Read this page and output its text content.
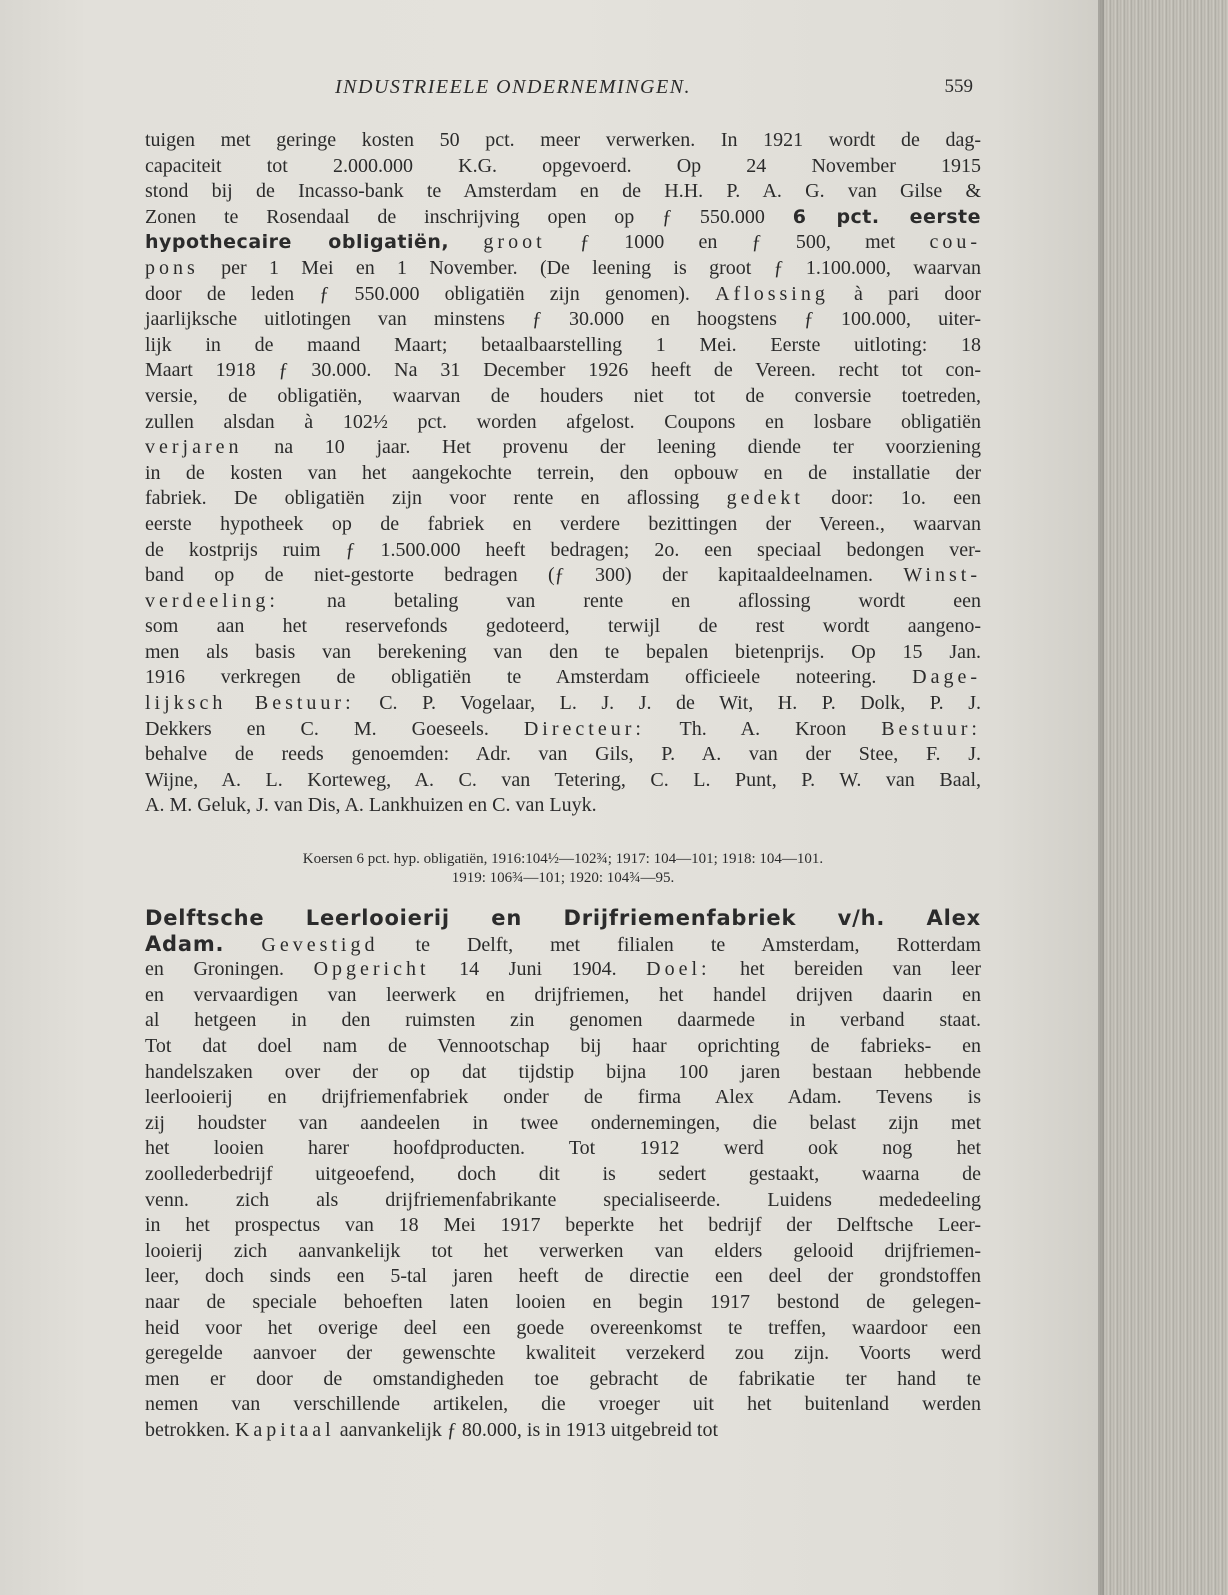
INDUSTRIEELE ONDERNEMINGEN.	559
tuigen met geringe kosten 50 pct. meer verwerken. In 1921 wordt de dag-
capaciteit tot 2.000.000 K.G. opgevoerd. Op 24 November 1915
stond bij de Incasso-bank te Amsterdam en de H.H. P. A. G. van Gilse &
Zonen te Rosendaal de inschrijving open op ƒ 550.000 6 pct. eerste
hypothecaire obligatiën, groot ƒ 1000 en ƒ 500, met cou-
pons per 1 Mei en 1 November. (De leening is groot ƒ 1.100.000, waarvan
door de leden ƒ 550.000 obligatiën zijn genomen). Aflossing à pari door
jaarlijksche uitlotingen van minstens ƒ 30.000 en hoogstens ƒ 100.000, uiter-
lijk in de maand Maart; betaalbaarstelling 1 Mei. Eerste uitloting: 18
Maart 1918 ƒ 30.000. Na 31 December 1926 heeft de Vereen. recht tot con-
versie, de obligatiën, waarvan de houders niet tot de conversie toetreden,
zullen alsdan à 102½ pct. worden afgelost. Coupons en losbare obligatiën
verjaren na 10 jaar. Het provenu der leening diende ter voorziening
in de kosten van het aangekochte terrein, den opbouw en de installatie der
fabriek. De obligatiën zijn voor rente en aflossing gedekt door: 1o. een
eerste hypotheek op de fabriek en verdere bezittingen der Vereen., waarvan
de kostprijs ruim ƒ 1.500.000 heeft bedragen; 2o. een speciaal bedongen ver-
band op de niet-gestorte bedragen (ƒ 300) der kapitaaldeelnamen. Winst-
verdeeling: na betaling van rente en aflossing wordt een
som aan het reservefonds gedoteerd, terwijl de rest wordt aangeno-
men als basis van berekening van den te bepalen bietenprijs. Op 15 Jan.
1916 verkregen de obligatiën te Amsterdam officieele noteering. Dage-
lijksch Bestuur: C. P. Vogelaar, L. J. J. de Wit, H. P. Dolk, P. J.
Dekkers en C. M. Goeseels. Directeur: Th. A. Kroon Bestuur:
behalve de reeds genoemden: Adr. van Gils, P. A. van der Stee, F. J.
Wijne, A. L. Korteweg, A. C. van Tetering, C. L. Punt, P. W. van Baal,
A. M. Geluk, J. van Dis, A. Lankhuizen en C. van Luyk.
Koersen 6 pct. hyp. obligatiën, 1916:104½—102¾; 1917: 104—101; 1918: 104—101.
1919: 106¾—101; 1920: 104¾—95.
Delftsche Leerlooierij en Drijfriemenfabriek v/h. Alex
Adam. Gevestigd te Delft, met filialen te Amsterdam, Rotterdam
en Groningen. Opgericht 14 Juni 1904. Doel: het bereiden van leer
en vervaardigen van leerwerk en drijfriemen, het handel drijven daarin en
al hetgeen in den ruimsten zin genomen daarmede in verband staat.
Tot dat doel nam de Vennootschap bij haar oprichting de fabrieks- en
handelszaken over der op dat tijdstip bijna 100 jaren bestaan hebbende
leerlooierij en drijfriemenfabriek onder de firma Alex Adam. Tevens is
zij houdster van aandeelen in twee ondernemingen, die belast zijn met
het looien harer hoofdproducten. Tot 1912 werd ook nog het
zoollederbedrijf uitgeoefend, doch dit is sedert gestaakt, waarna de
venn. zich als drijfriemenfabrikante specialiseerde. Luidens mededeeling
in het prospectus van 18 Mei 1917 beperkte het bedrijf der Delftsche Leer-
looierij zich aanvankelijk tot het verwerken van elders gelooid drijfriemen-
leer, doch sinds een 5-tal jaren heeft de directie een deel der grondstoffen
naar de speciale behoeften laten looien en begin 1917 bestond de gelegen-
heid voor het overige deel een goede overeenkomst te treffen, waardoor een
geregelde aanvoer der gewenschte kwaliteit verzekerd zou zijn. Voorts werd
men er door de omstandigheden toe gebracht de fabrikatie ter hand te
nemen van verschillende artikelen, die vroeger uit het buitenland werden
betrokken. Kapitaal aanvankelijk ƒ 80.000, is in 1913 uitgebreid tot
